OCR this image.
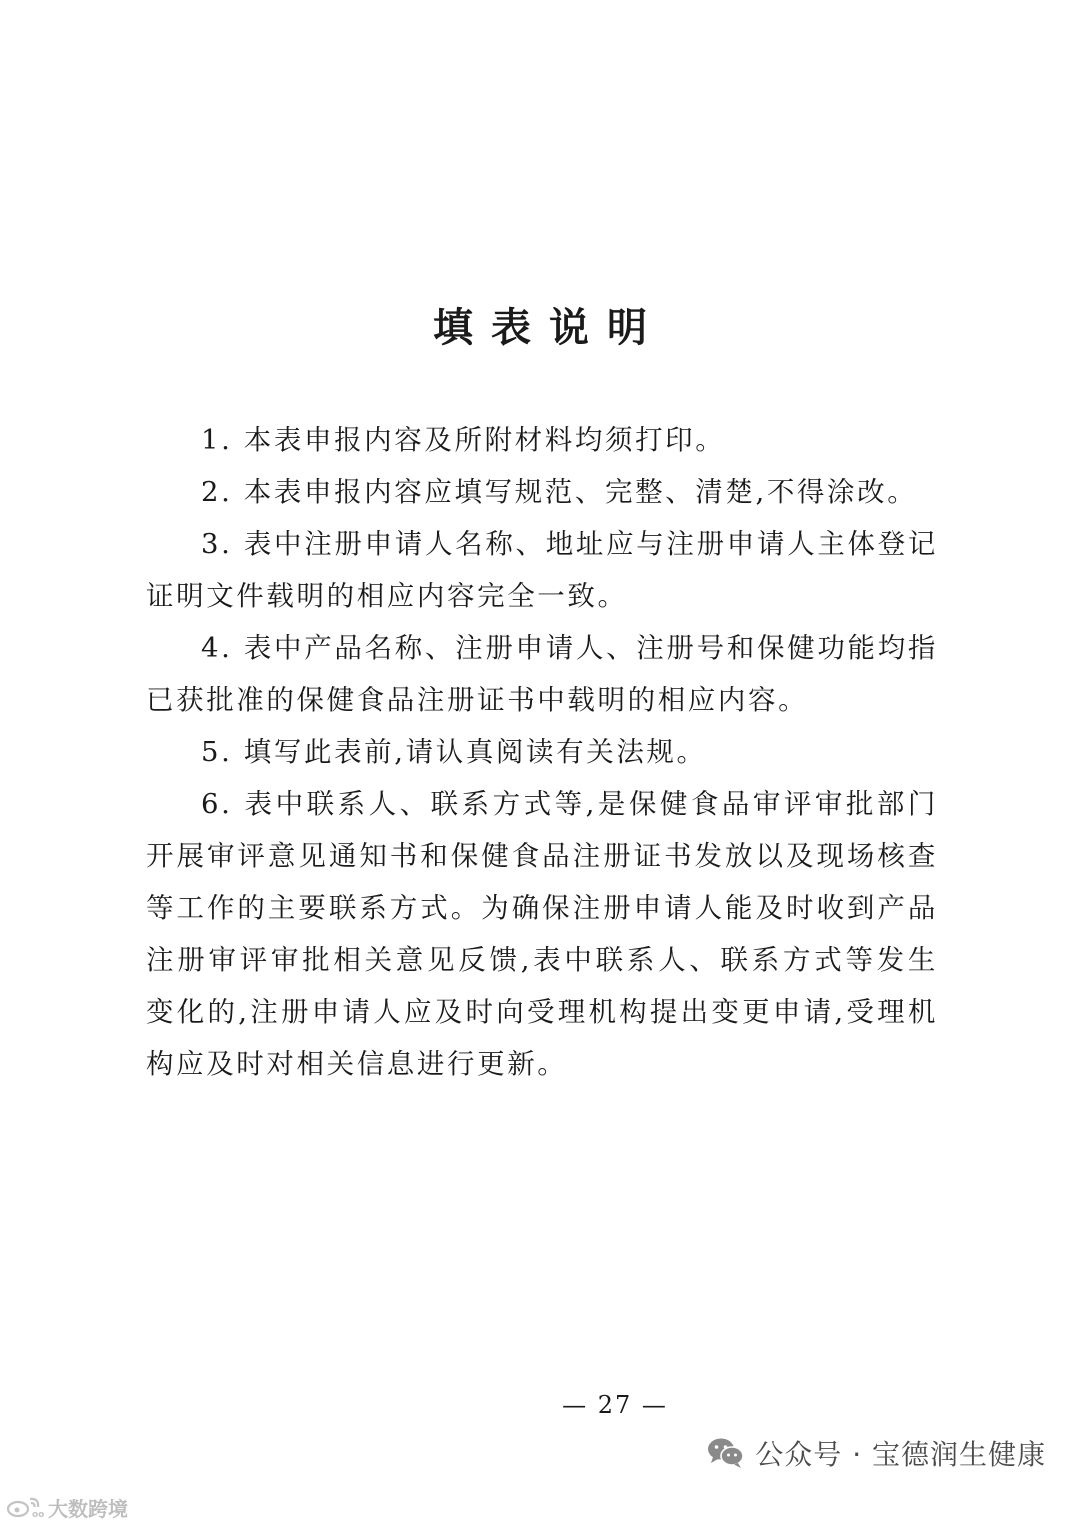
填表说明

1. 本表申报内容及所附材料均须打印。

2. 本表申报内容应填写规范、完整、清楚,不得涂改。

3. 表中注册申请人名称、地址应与注册申请人主体登记证明文件载明的相应内容完全一致。

4. 表中产品名称、注册申请人、注册号和保健功能均指已获批准的保健食品注册证书中载明的相应内容。

5. 填写此表前,请认真阅读有关法规。

6. 表中联系人、联系方式等,是保健食品审评审批部门开展审评意见通知书和保健食品注册证书发放以及现场核查等工作的主要联系方式。为确保注册申请人能及时收到产品注册审评审批相关意见反馈,表中联系人、联系方式等发生变化的,注册申请人应及时向受理机构提出变更申请,受理机构应及时对相关信息进行更新。

— 27 —
公众号 · 宝德润生健康
oo 大数跨境
